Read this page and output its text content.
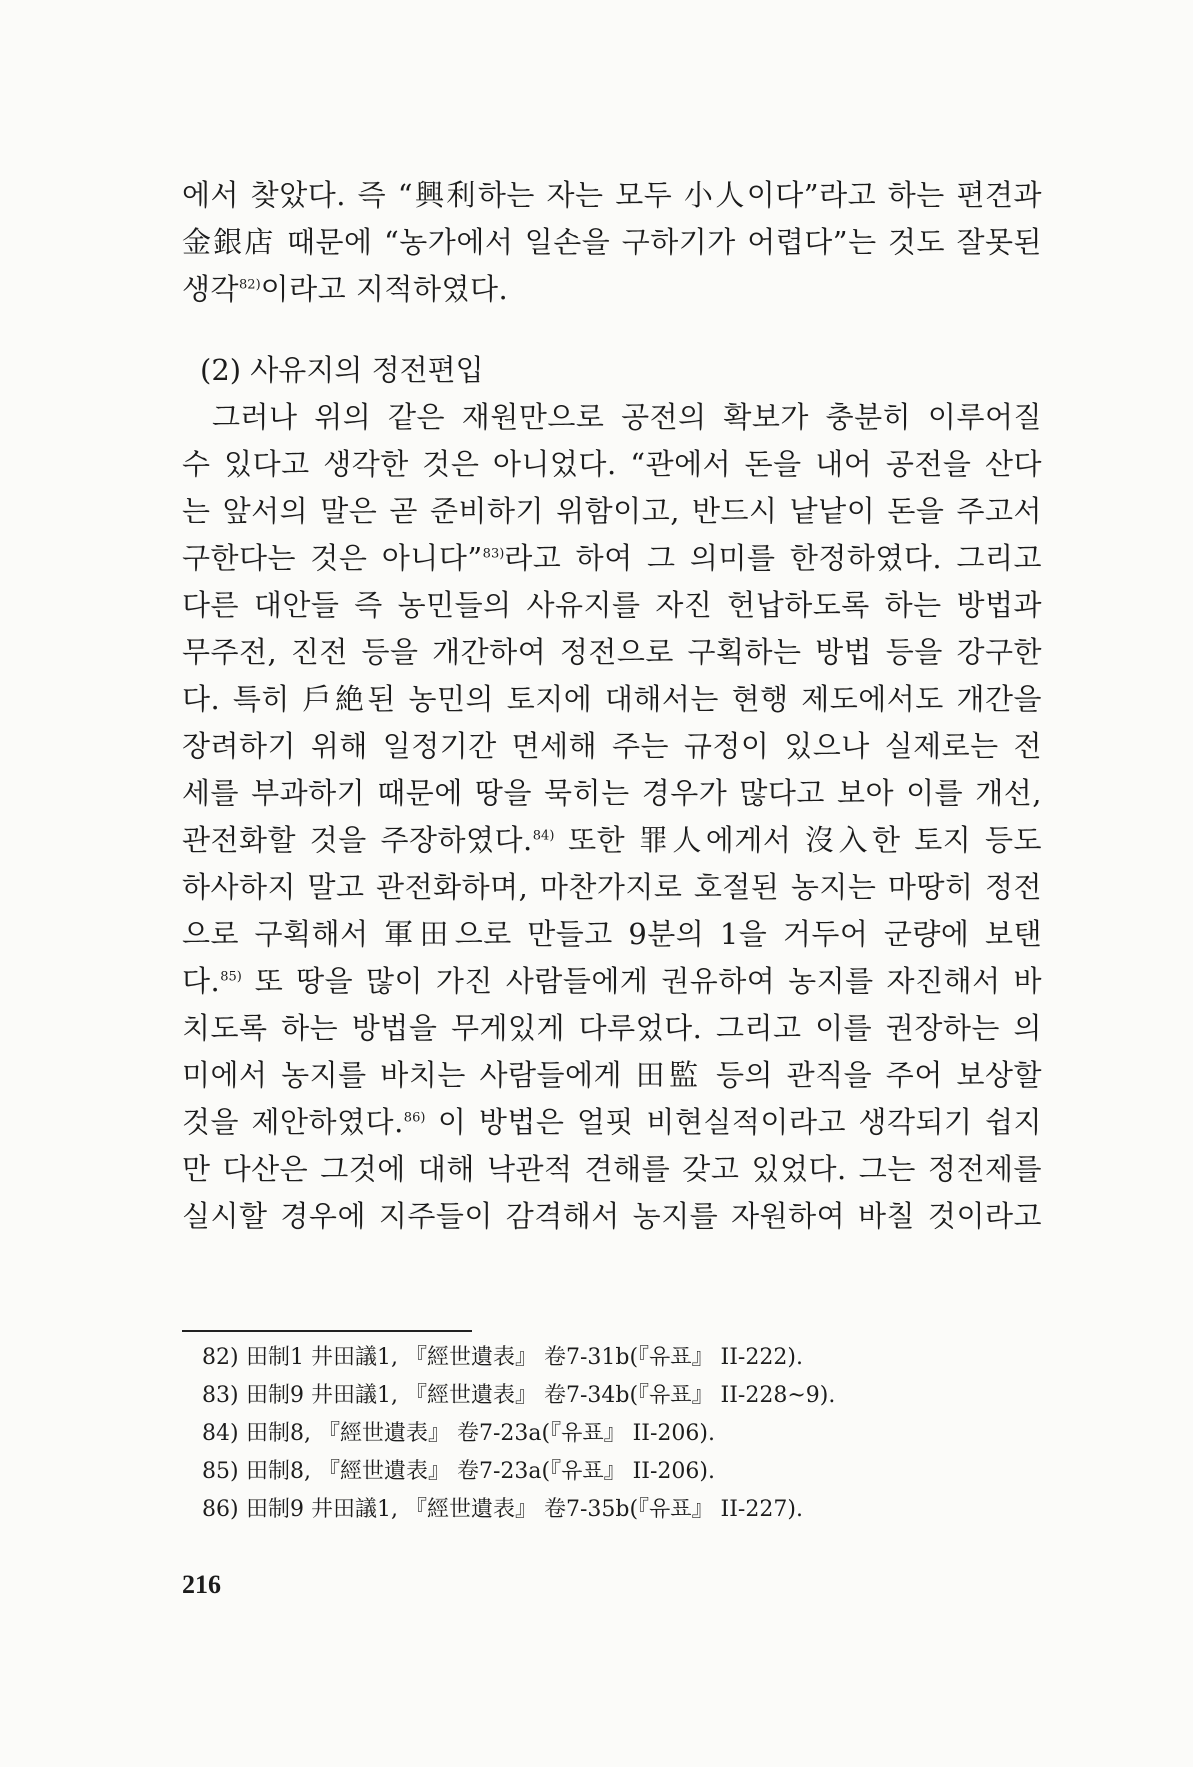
에서 찾았다. 즉 “興利하는 자는 모두 小人이다”라고 하는 편견과
金銀店 때문에 “농가에서 일손을 구하기가 어렵다”는 것도 잘못된
생각$^{82)}$이라고 지적하였다.
(2) 사유지의 정전편입
그러나 위의 같은 재원만으로 공전의 확보가 충분히 이루어질
수 있다고 생각한 것은 아니었다. “관에서 돈을 내어 공전을 산다
는 앞서의 말은 곧 준비하기 위함이고, 반드시 낱낱이 돈을 주고서
구한다는 것은 아니다”$^{83)}$라고 하여 그 의미를 한정하였다. 그리고
다른 대안들 즉 농민들의 사유지를 자진 헌납하도록 하는 방법과
무주전, 진전 등을 개간하여 정전으로 구획하는 방법 등을 강구한
다. 특히 戶絶된 농민의 토지에 대해서는 현행 제도에서도 개간을
장려하기 위해 일정기간 면세해 주는 규정이 있으나 실제로는 전
세를 부과하기 때문에 땅을 묵히는 경우가 많다고 보아 이를 개선,
관전화할 것을 주장하였다.$^{84)}$ 또한 罪人에게서 沒入한 토지 등도
하사하지 말고 관전화하며, 마찬가지로 호절된 농지는 마땅히 정전
으로 구획해서 軍田으로 만들고 9분의 1을 거두어 군량에 보탠
다.$^{85)}$ 또 땅을 많이 가진 사람들에게 권유하여 농지를 자진해서 바
치도록 하는 방법을 무게있게 다루었다. 그리고 이를 권장하는 의
미에서 농지를 바치는 사람들에게 田監 등의 관직을 주어 보상할
것을 제안하였다.$^{86)}$ 이 방법은 얼핏 비현실적이라고 생각되기 쉽지
만 다산은 그것에 대해 낙관적 견해를 갖고 있었다. 그는 정전제를
실시할 경우에 지주들이 감격해서 농지를 자원하여 바칠 것이라고
82) 田制1 井田議1, 『經世遺表』 卷7-31b(『유표』 II-222).
83) 田制9 井田議1, 『經世遺表』 卷7-34b(『유표』 II-228~9).
84) 田制8, 『經世遺表』 卷7-23a(『유표』 II-206).
85) 田制8, 『經世遺表』 卷7-23a(『유표』 II-206).
86) 田制9 井田議1, 『經世遺表』 卷7-35b(『유표』 II-227).
216
